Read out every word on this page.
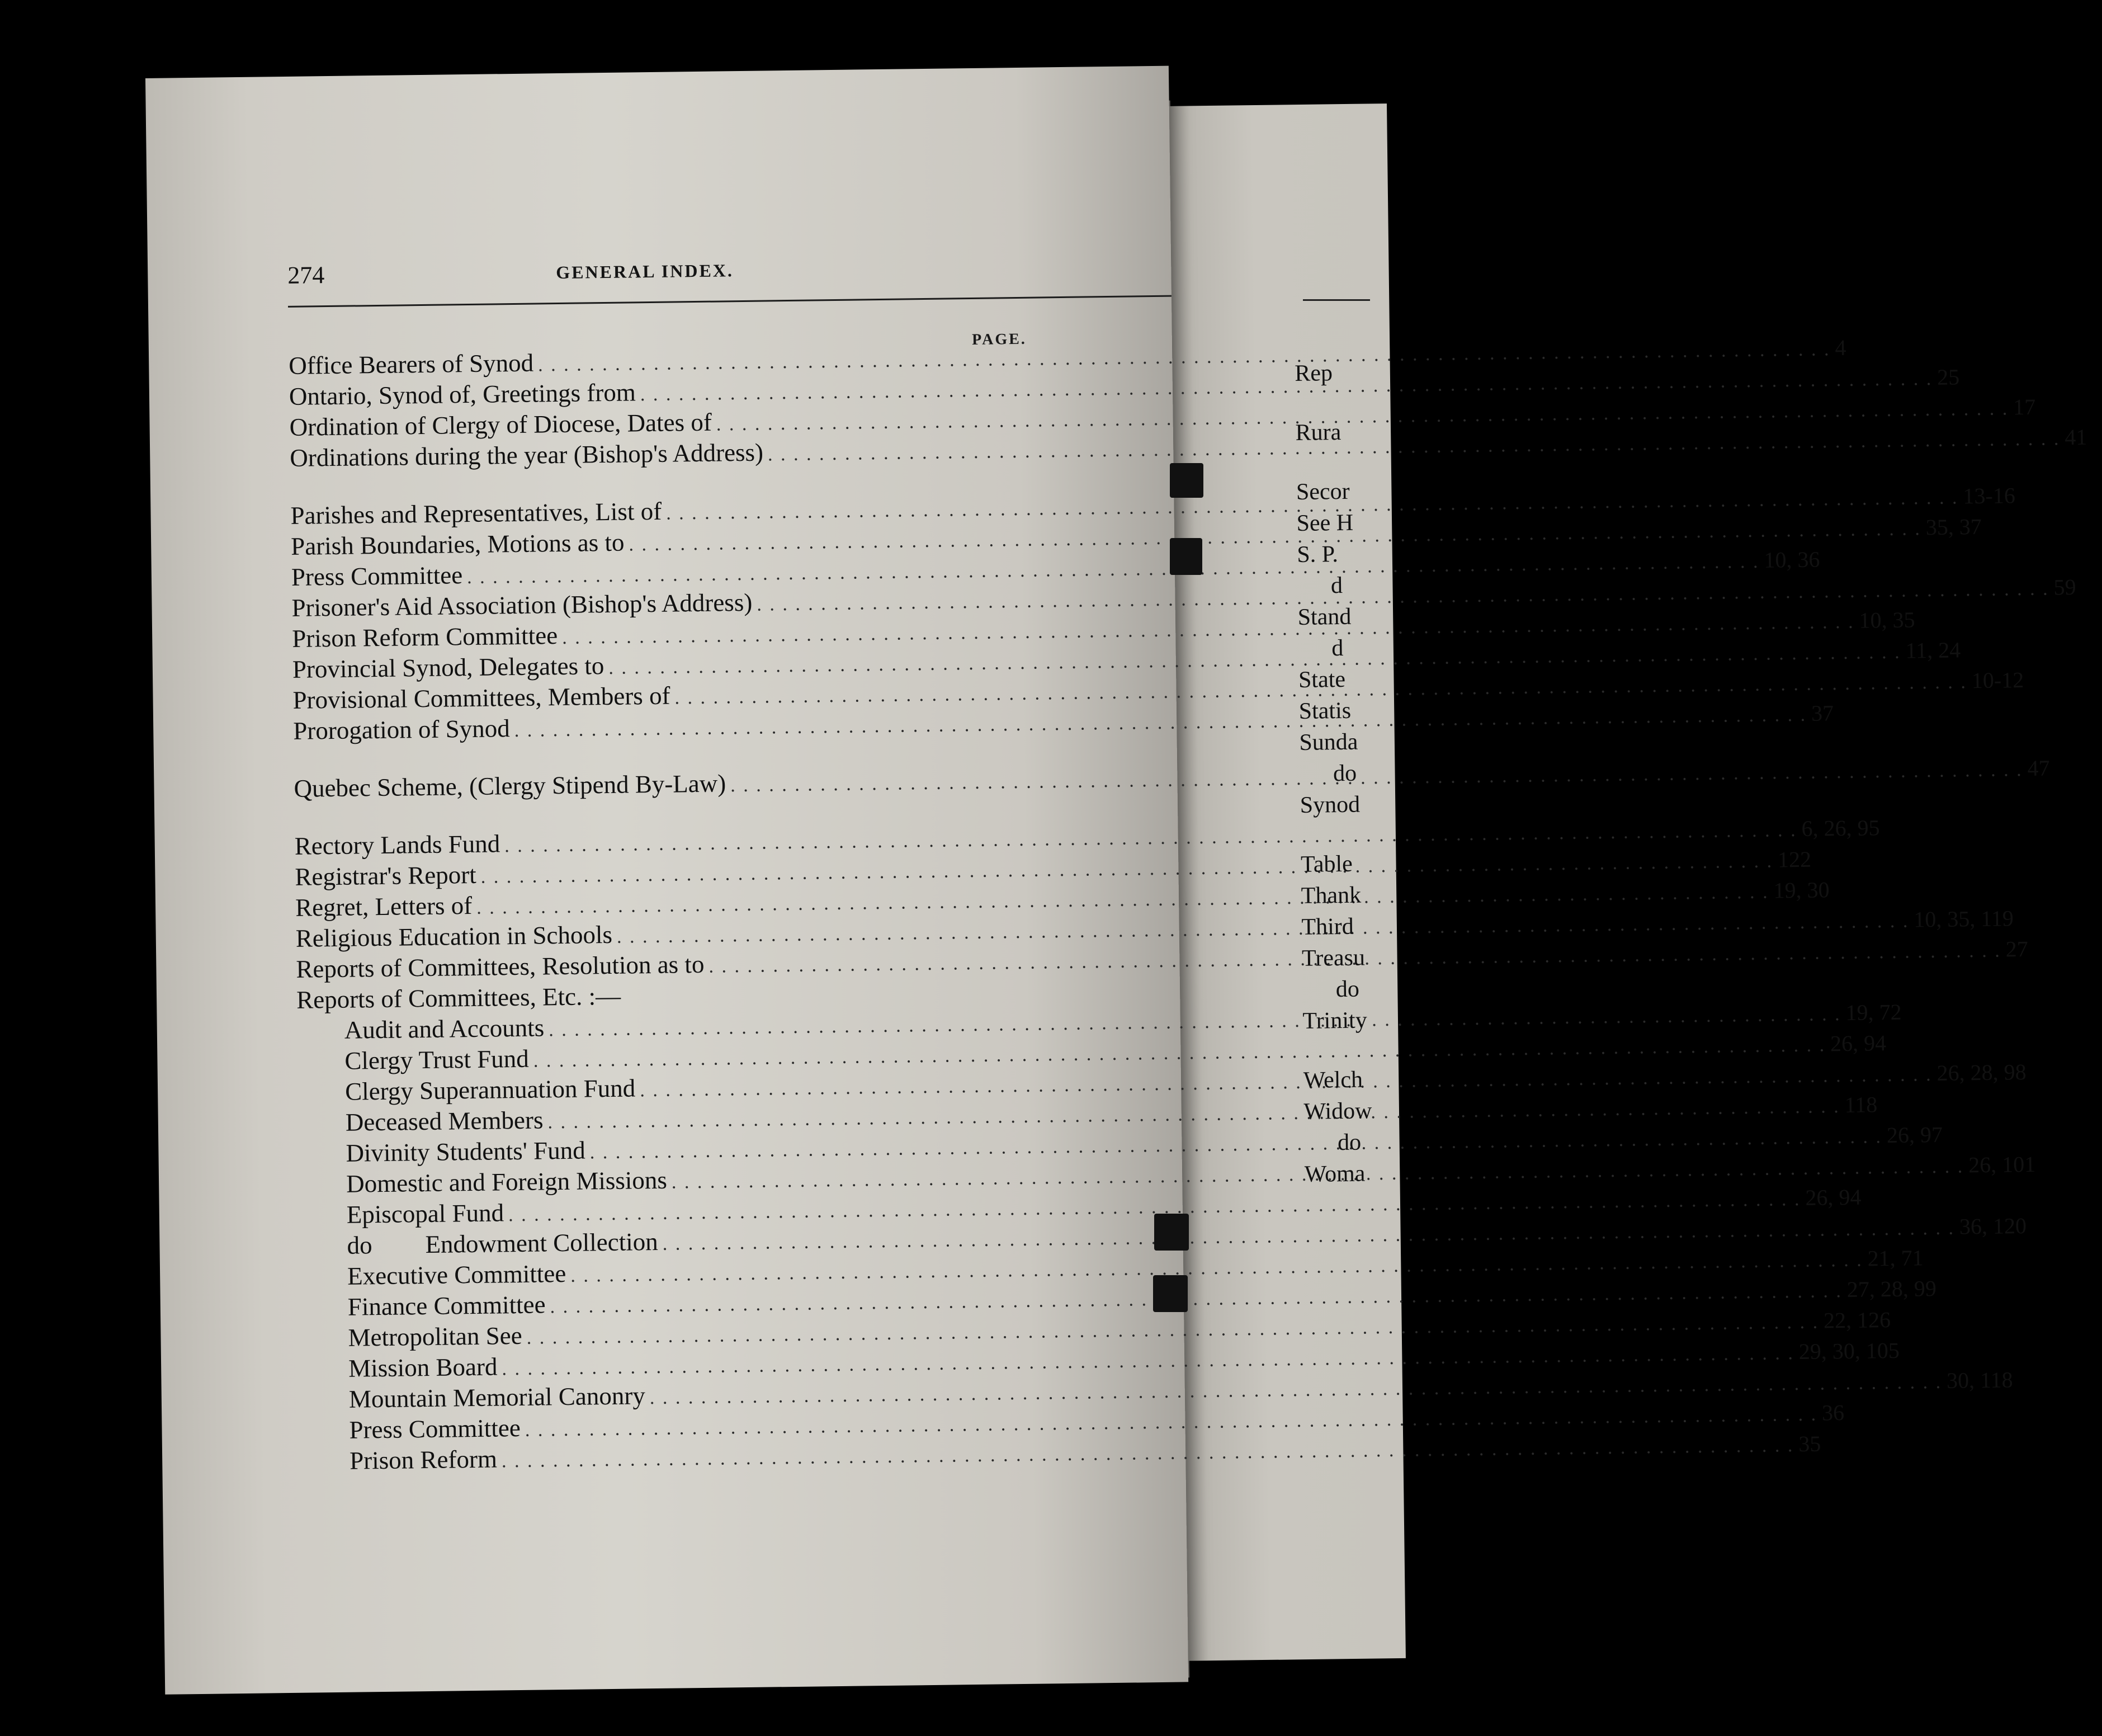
274	GENERAL INDEX.
PAGE.
Office Bearers of Synod
. . .
4
Ontario, Synod of, Greetings from
. . .
25
Ordination of Clergy of Diocese, Dates of
. . .
17
Ordinations during the year (Bishop's Address)
. . .
41
Parishes and Representatives, List of
. . .
13-16
Parish Boundaries, Motions as to
. . .
35, 37
Press Committee
. . .
10, 36
Prisoner's Aid Association (Bishop's Address)
. . .
59
Prison Reform Committee
. . .
10, 35
Provincial Synod, Delegates to
. . .
11, 24
Provisional Committees, Members of
. . .
10-12
Prorogation of Synod
. . .
37
Quebec Scheme, (Clergy Stipend By-Law)
. . .
47
Rectory Lands Fund
. . .
6, 26, 95
Registrar's Report
. . .
122
Regret, Letters of
. . .
19, 30
Religious Education in Schools
. . .
10, 35, 119
Reports of Committees, Resolution as to
. . .
27
Reports of Committees, Etc. :—
Audit and Accounts
. . .
19, 72
Clergy Trust Fund
. . .
26, 94
Clergy Superannuation Fund
. . .
26, 28, 98
Deceased Members
. . .
118
Divinity Students' Fund
. . .
26, 97
Domestic and Foreign Missions
. . .
26, 101
Episcopal Fund
. . .
26, 94
do Endowment Collection
. . .
36, 120
Executive Committee
. . .
21, 71
Finance Committee
. . .
27, 28, 99
Metropolitan See
. . .
22, 126
Mission Board
. . .
29, 30, 105
Mountain Memorial Canonry
. . .
30, 118
Press Committee
. . .
36
Prison Reform
. . .
35
Rep
Rura
Secor
See H
S. P.
d
Stand
d
State
Statis
Sunda
do
Synod
Table
Thank
Third
Treasu
do
Trinity
Welch
Widow
do
Woma
